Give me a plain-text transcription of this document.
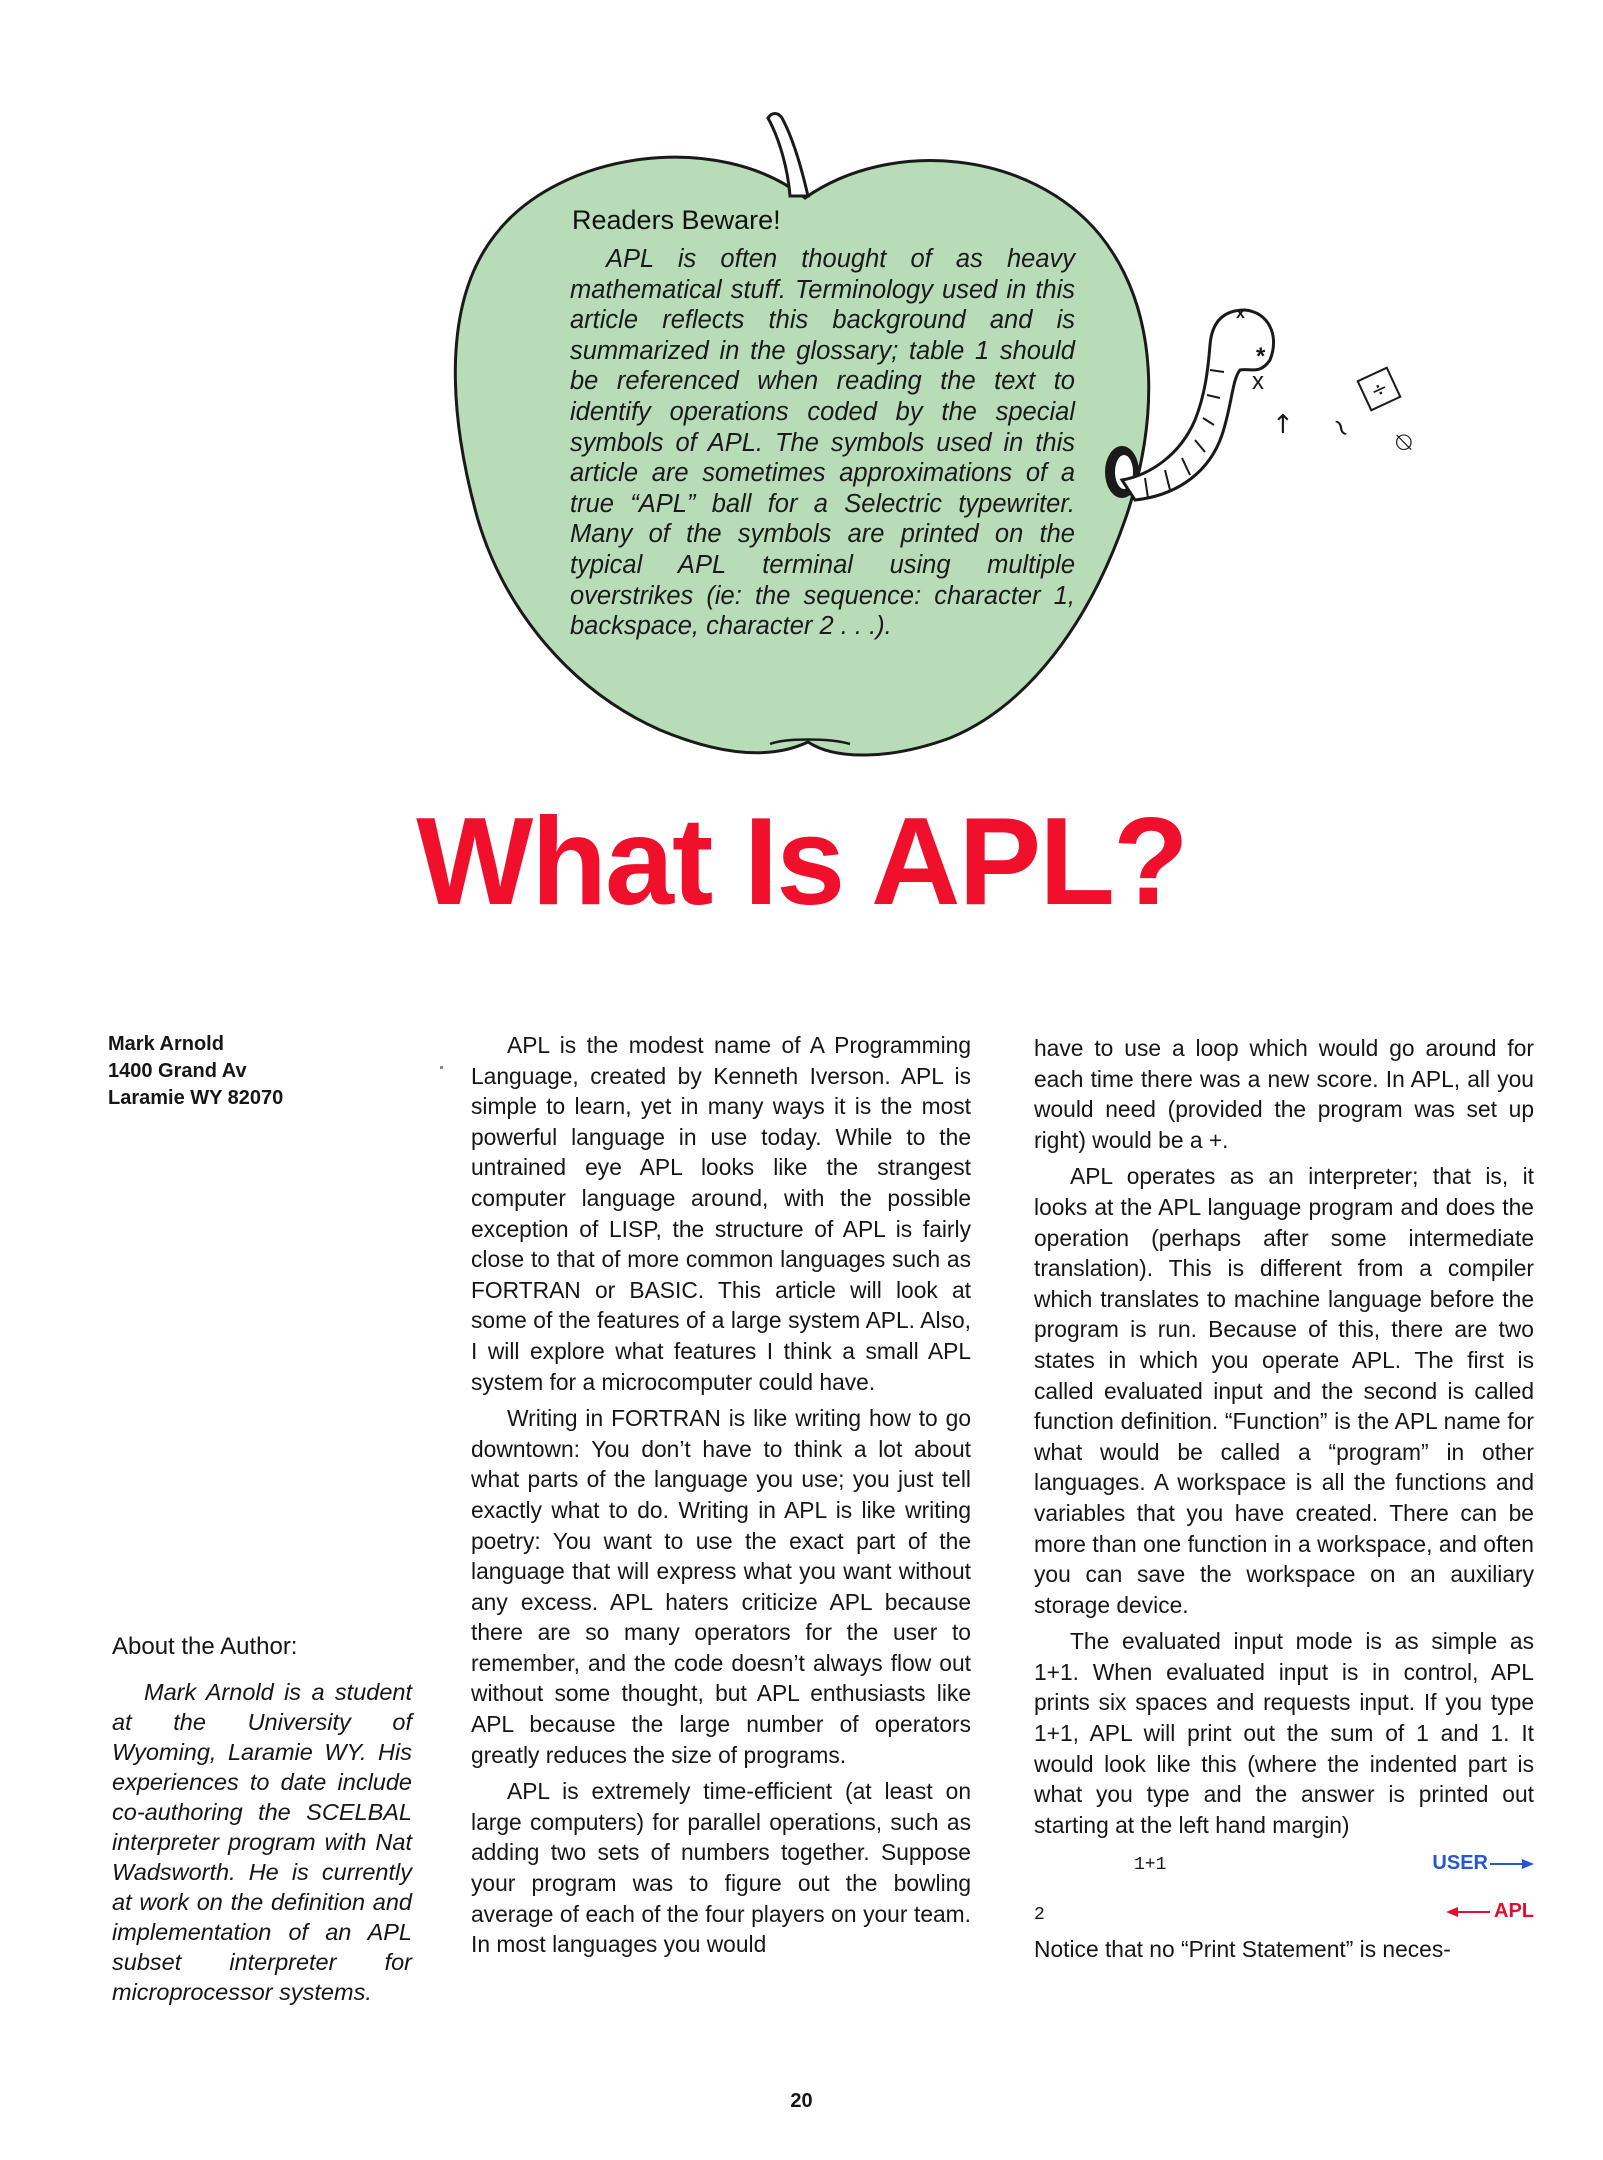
*
x
x
↑ ~
÷
⍉
Readers Beware!

APL is often thought of as heavy mathematical stuff. Terminology used in this article reflects this background and is summarized in the glossary; table 1 should be referenced when reading the text to identify operations coded by the special symbols of APL. The symbols used in this article are sometimes approximations of a true “APL” ball for a Selectric typewriter. Many of the symbols are printed on the typical APL terminal using multiple overstrikes (ie: the sequence: character 1, backspace, character 2 . . .).

What Is APL?
Mark Arnold
1400 Grand Av
Laramie WY 82070
About the Author:

Mark Arnold is a student at the University of Wyoming, Laramie WY. His experiences to date include co-authoring the SCELBAL interpreter program with Nat Wadsworth. He is currently at work on the definition and implementation of an APL subset interpreter for microprocessor systems.

APL is the modest name of A Programming Language, created by Kenneth Iverson. APL is simple to learn, yet in many ways it is the most powerful language in use today. While to the untrained eye APL looks like the strangest computer language around, with the possible exception of LISP, the structure of APL is fairly close to that of more common languages such as FORTRAN or BASIC. This article will look at some of the features of a large system APL. Also, I will explore what features I think a small APL system for a microcomputer could have.

Writing in FORTRAN is like writing how to go downtown: You don’t have to think a lot about what parts of the language you use; you just tell exactly what to do. Writing in APL is like writing poetry: You want to use the exact part of the language that will express what you want without any excess. APL haters criticize APL because there are so many operators for the user to remember, and the code doesn’t always flow out without some thought, but APL enthusiasts like APL because the large number of operators greatly reduces the size of programs.

APL is extremely time-efficient (at least on large computers) for parallel operations, such as adding two sets of numbers together. Suppose your program was to figure out the bowling average of each of the four players on your team. In most languages you would

have to use a loop which would go around for each time there was a new score. In APL, all you would need (provided the program was set up right) would be a +.

APL operates as an interpreter; that is, it looks at the APL language program and does the operation (perhaps after some intermediate translation). This is different from a compiler which translates to machine language before the program is run. Because of this, there are two states in which you operate APL. The first is called evaluated input and the second is called function definition. “Function” is the APL name for what would be called a “program” in other languages. A workspace is all the functions and variables that you have created. There can be more than one function in a workspace, and often you can save the workspace on an auxiliary storage device.

The evaluated input mode is as simple as 1+1. When evaluated input is in control, APL prints six spaces and requests input. If you type 1+1, APL will print out the sum of 1 and 1. It would look like this (where the indented part is what you type and the answer is printed out starting at the left hand margin)

1+1
2
USER
APL

Notice that no “Print Statement” is neces-

20
